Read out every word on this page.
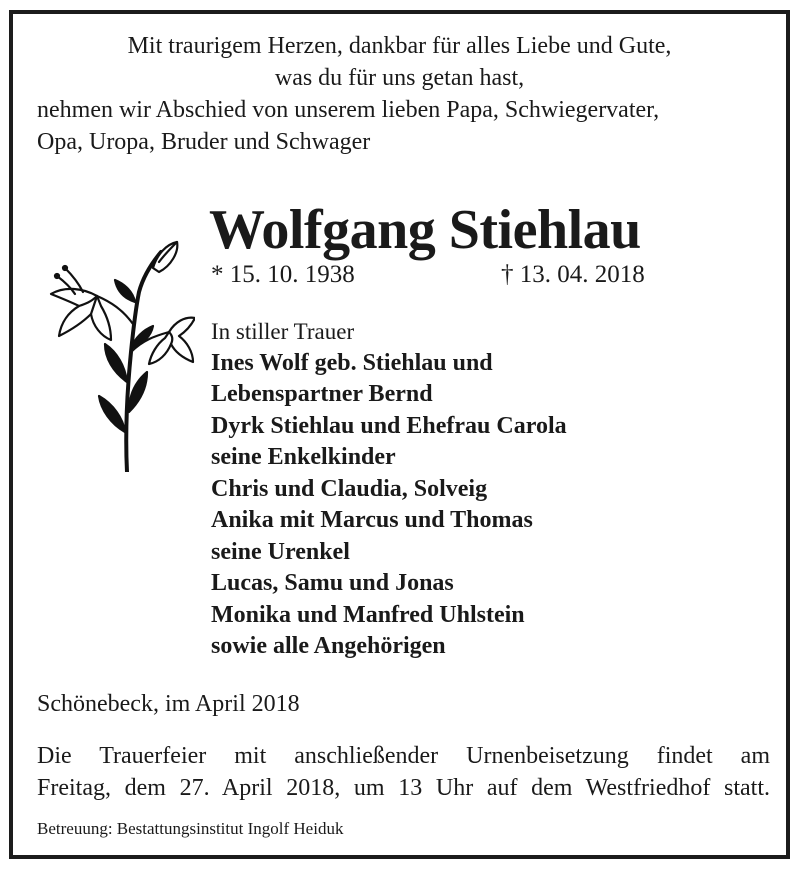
Mit traurigem Herzen, dankbar für alles Liebe und Gute,
was du für uns getan hast,
nehmen wir Abschied von unserem lieben Papa, Schwiegervater,
Opa, Uropa, Bruder und Schwager
Wolfgang Stiehlau
* 15. 10. 1938	† 13. 04. 2018
In stiller Trauer
Ines Wolf geb. Stiehlau und
Lebenspartner Bernd
Dyrk Stiehlau und Ehefrau Carola
seine Enkelkinder
Chris und Claudia, Solveig
Anika mit Marcus und Thomas
seine Urenkel
Lucas, Samu und Jonas
Monika und Manfred Uhlstein
sowie alle Angehörigen
Schönebeck, im April 2018
Die Trauerfeier mit anschließender Urnenbeisetzung findet am
Freitag, dem 27. April 2018, um 13 Uhr auf dem Westfriedhof statt.
Betreuung: Bestattungsinstitut Ingolf Heiduk
